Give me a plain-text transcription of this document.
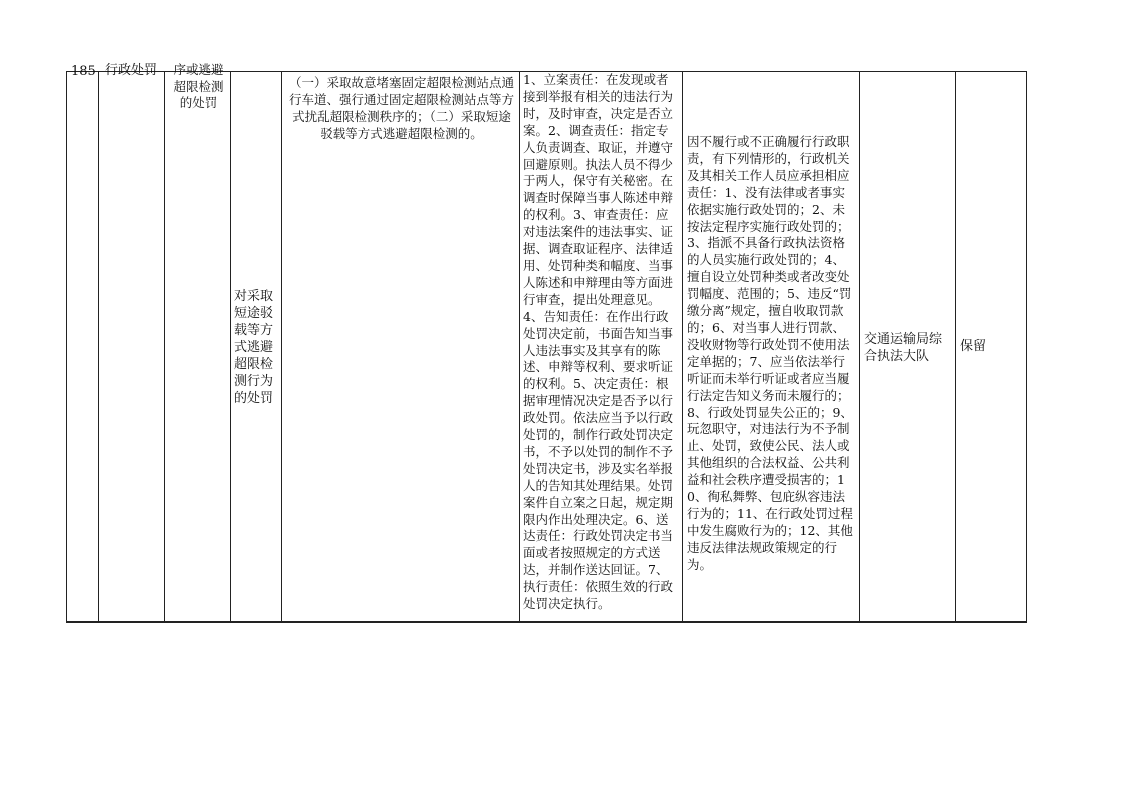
185 行政处罚 序或逃避超限检测的处罚
对采取短途驳载等方式逃避超限检测行为的处罚
（一）采取故意堵塞固定超限检测站点通行车道、强行通过固定超限检测站点等方式扰乱超限检测秩序的；（二）采取短途驳载等方式逃避超限检测的。
1、立案责任：在发现或者接到举报有相关的违法行为时，及时审查，决定是否立案。2、调查责任：指定专人负责调查、取证，并遵守回避原则。执法人员不得少于两人，保守有关秘密。在调查时保障当事人陈述申辩的权利。3、审查责任：应对违法案件的违法事实、证据、调查取证程序、法律适用、处罚种类和幅度、当事人陈述和申辩理由等方面进行审查，提出处理意见。4、告知责任：在作出行政处罚决定前，书面告知当事人违法事实及其享有的陈述、申辩等权利、要求听证的权利。5、决定责任：根据审理情况决定是否予以行政处罚。依法应当予以行政处罚的，制作行政处罚决定书，不予以处罚的制作不予处罚决定书，涉及实名举报人的告知其处理结果。处罚案件自立案之日起，规定期限内作出处理决定。6、送达责任：行政处罚决定书当面或者按照规定的方式送达，并制作送达回证。7、执行责任：依照生效的行政处罚决定执行。
因不履行或不正确履行行政职责，有下列情形的，行政机关及其相关工作人员应承担相应责任：1、没有法律或者事实依据实施行政处罚的；2、未按法定程序实施行政处罚的；3、指派不具备行政执法资格的人员实施行政处罚的；4、擅自设立处罚种类或者改变处罚幅度、范围的；5、违反“罚缴分离”规定，擅自收取罚款的；6、对当事人进行罚款、没收财物等行政处罚不使用法定单据的；7、应当依法举行听证而未举行听证或者应当履行法定告知义务而未履行的；8、行政处罚显失公正的；9、玩忽职守，对违法行为不予制止、处罚，致使公民、法人或其他组织的合法权益、公共利益和社会秩序遭受损害的；10、徇私舞弊、包庇纵容违法行为的；11、在行政处罚过程中发生腐败行为的；12、其他违反法律法规政策规定的行为。
交通运输局综合执法大队
保留
